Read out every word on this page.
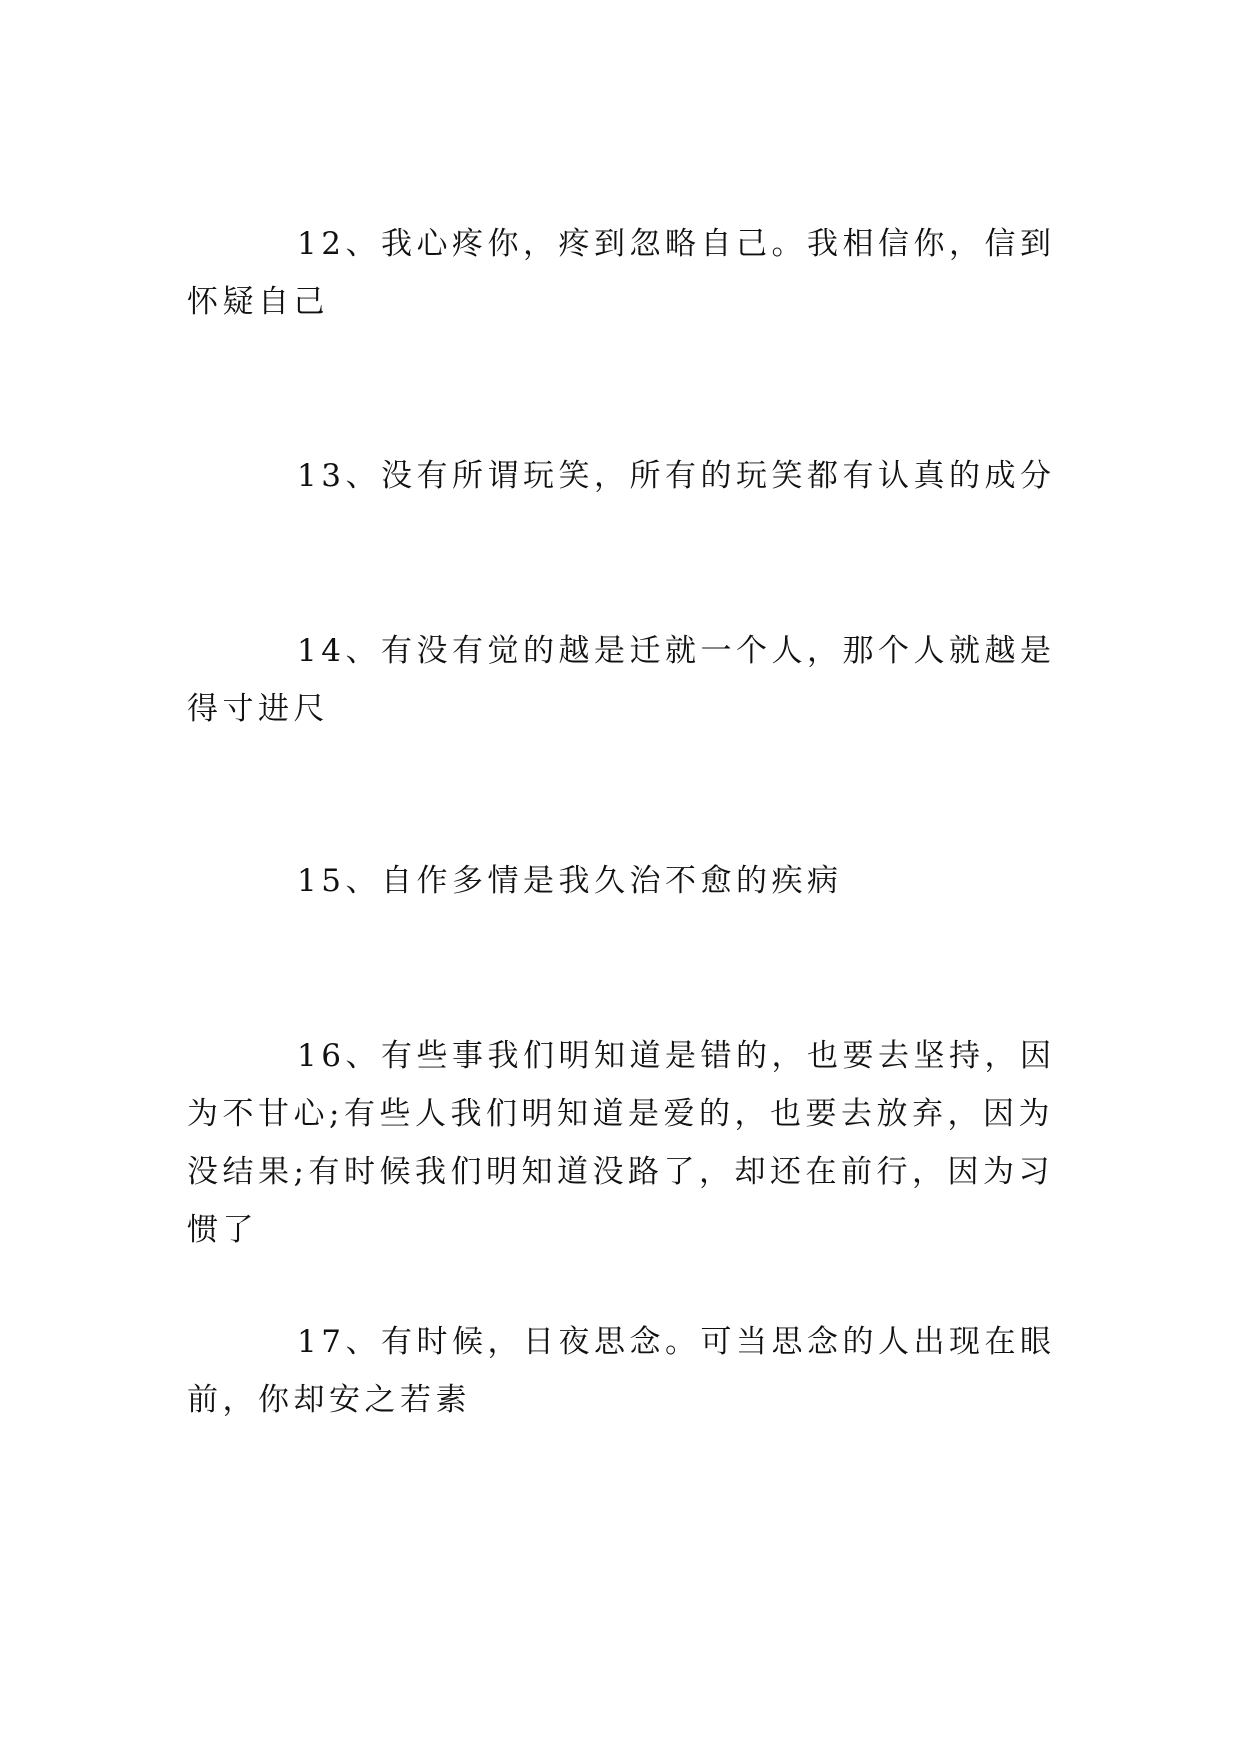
12、我心疼你，疼到忽略自己。我相信你，信到怀疑自己

13、没有所谓玩笑，所有的玩笑都有认真的成分

14、有没有觉的越是迁就一个人，那个人就越是得寸进尺

15、自作多情是我久治不愈的疾病

16、有些事我们明知道是错的，也要去坚持，因为不甘心;有些人我们明知道是爱的，也要去放弃，因为没结果;有时候我们明知道没路了，却还在前行，因为习惯了

17、有时候，日夜思念。可当思念的人出现在眼前，你却安之若素
